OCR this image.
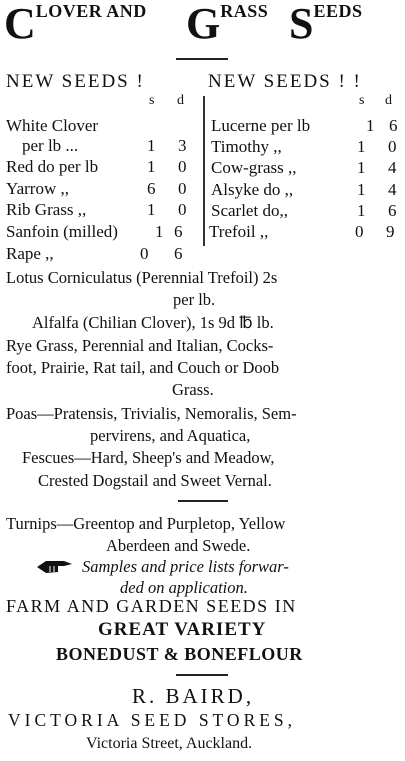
CLOVER AND GRASS SEEDS
NEW SEEDS !	NEW SEEDS ! !
s d	s d
White Clover
per lb ...	1 3
Red do per lb	1 0
Yarrow ,,	6 0
Rib Grass ,,	1 0
Sanfoin (milled) 1 6
Rape ,,	0 6
Lucerne per lb	1 6
Timothy ,,	1 0
Cow-grass ,,	1 4
Alsyke do ,,	1 4
Scarlet do,,	1 6
Trefoil ,,	0 9
Lotus Corniculatus (Perennial Trefoil) 2s
per lb.
Alfalfa (Chilian Clover), 1s 9d ℔ lb.
Rye Grass, Perennial and Italian, Cocks-
foot, Prairie, Rat tail, and Couch or Doob
Grass.
Poas—Pratensis, Trivialis, Nemoralis, Sem-
pervirens, and Aquatica,
Fescues—Hard, Sheep's and Meadow,
Crested Dogstail and Sweet Vernal.
Turnips—Greentop and Purpletop, Yellow
Aberdeen and Swede.
Samples and price lists forwar-
ded on application.
FARM AND GARDEN SEEDS IN
GREAT VARIETY
BONEDUST & BONEFLOUR
R. BAIRD,
VICTORIA SEED STORES,
Victoria Street, Auckland.
